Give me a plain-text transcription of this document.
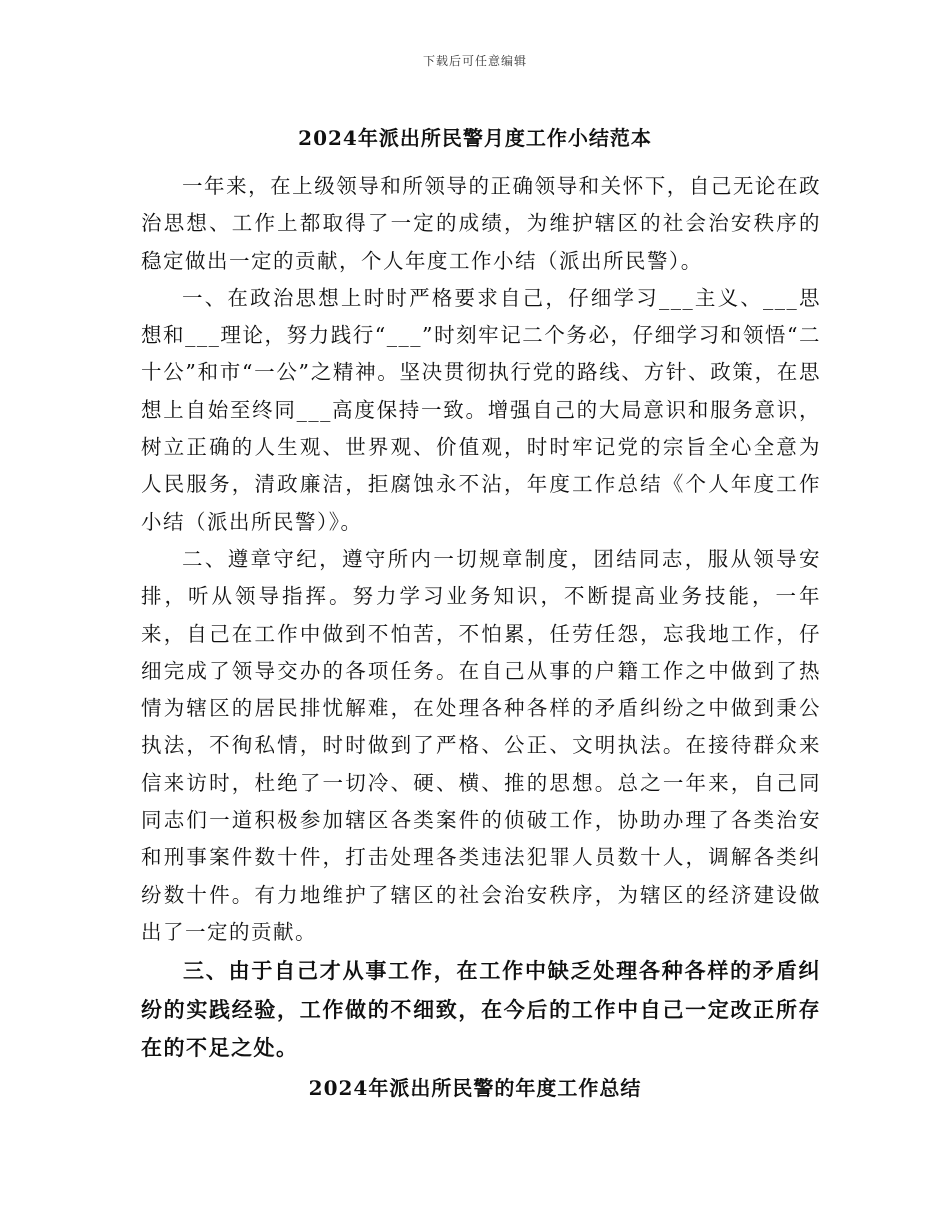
下载后可任意编辑
2024年派出所民警月度工作小结范本

一年来，在上级领导和所领导的正确领导和关怀下，自己无论在政治思想、工作上都取得了一定的成绩，为维护辖区的社会治安秩序的稳定做出一定的贡献，个人年度工作小结（派出所民警）。

一、在政治思想上时时严格要求自己，仔细学习___主义、___思想和___理论，努力践行“___”时刻牢记二个务必，仔细学习和领悟“二十公”和市“一公”之精神。坚决贯彻执行党的路线、方针、政策，在思想上自始至终同___高度保持一致。增强自己的大局意识和服务意识，树立正确的人生观、世界观、价值观，时时牢记党的宗旨全心全意为人民服务，清政廉洁，拒腐蚀永不沾，年度工作总结《个人年度工作小结（派出所民警）》。

二、遵章守纪，遵守所内一切规章制度，团结同志，服从领导安排，听从领导指挥。努力学习业务知识，不断提高业务技能，一年来，自己在工作中做到不怕苦，不怕累，任劳任怨，忘我地工作，仔细完成了领导交办的各项任务。在自己从事的户籍工作之中做到了热情为辖区的居民排忧解难，在处理各种各样的矛盾纠纷之中做到秉公执法，不徇私情，时时做到了严格、公正、文明执法。在接待群众来信来访时，杜绝了一切冷、硬、横、推的思想。总之一年来，自己同同志们一道积极参加辖区各类案件的侦破工作，协助办理了各类治安和刑事案件数十件，打击处理各类违法犯罪人员数十人，调解各类纠纷数十件。有力地维护了辖区的社会治安秩序，为辖区的经济建设做出了一定的贡献。

三、由于自己才从事工作，在工作中缺乏处理各种各样的矛盾纠纷的实践经验，工作做的不细致，在今后的工作中自己一定改正所存在的不足之处。

2024年派出所民警的年度工作总结
